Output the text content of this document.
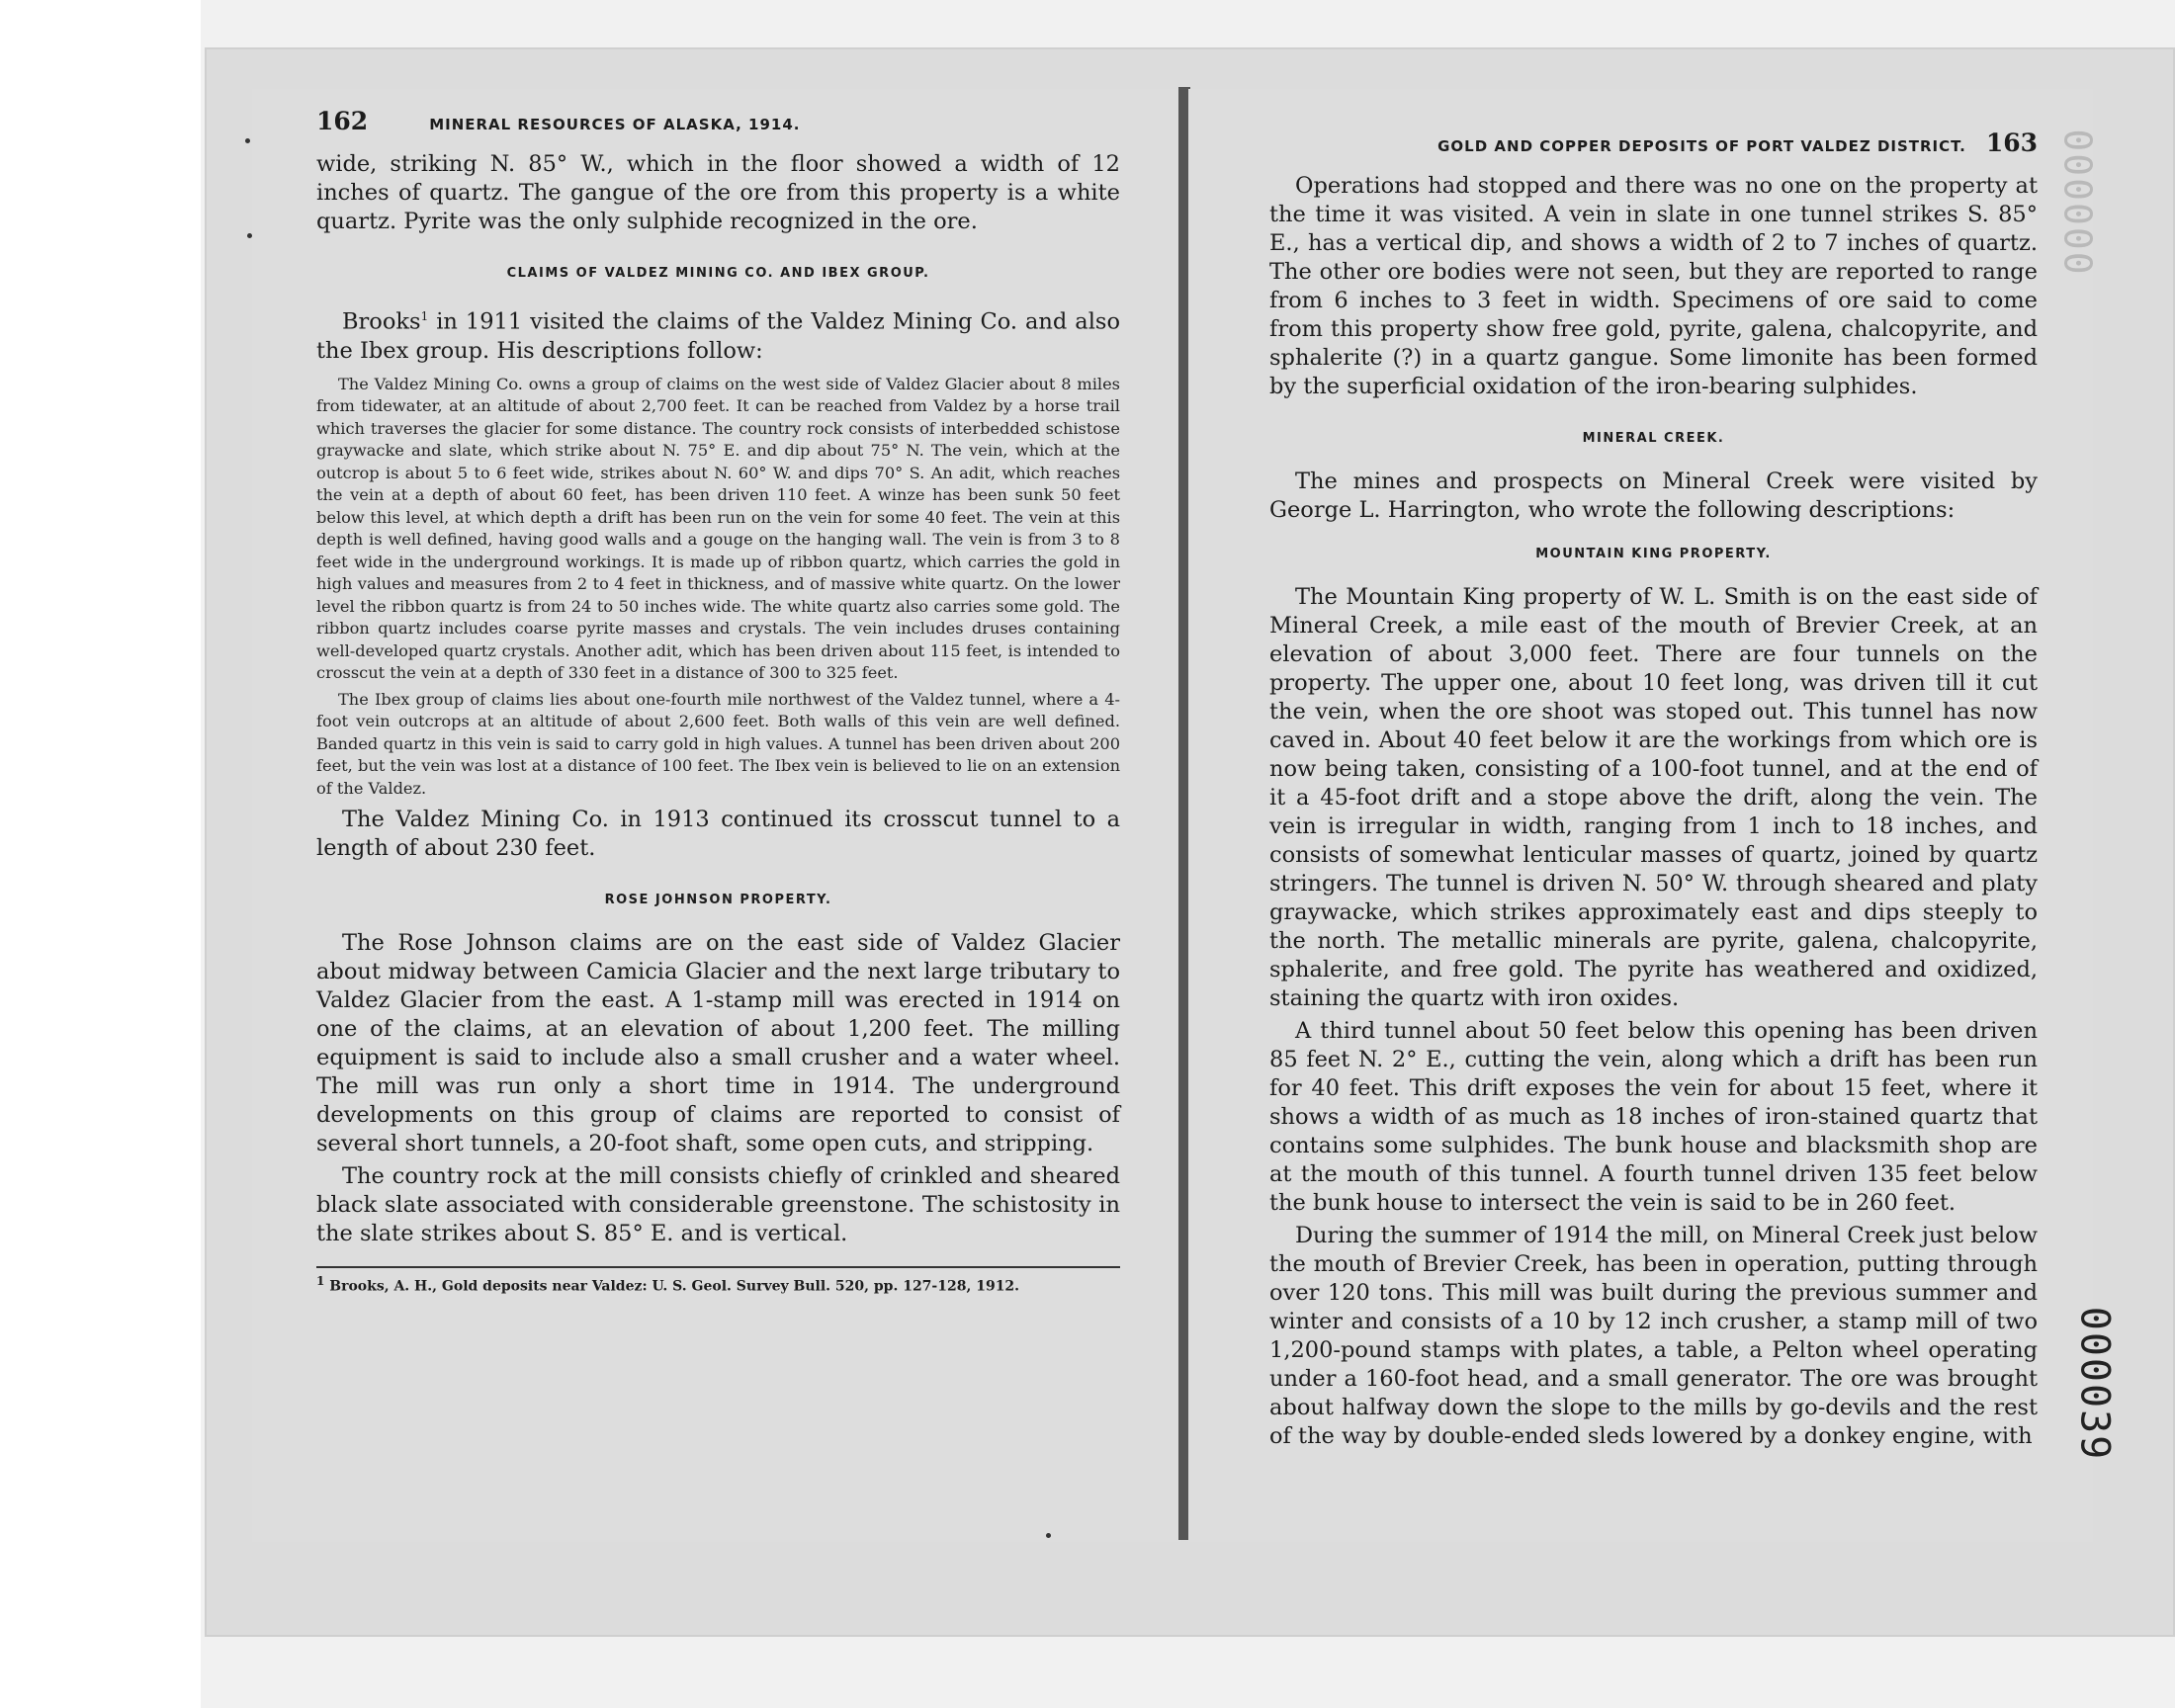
162	MINERAL RESOURCES OF ALASKA, 1914.

wide, striking N. 85° W., which in the floor showed a width of 12 inches of quartz. The gangue of the ore from this property is a white quartz. Pyrite was the only sulphide recognized in the ore.

CLAIMS OF VALDEZ MINING CO. AND IBEX GROUP.

Brooks$^1$ in 1911 visited the claims of the Valdez Mining Co. and also the Ibex group. His descriptions follow:

The Valdez Mining Co. owns a group of claims on the west side of Valdez Glacier about 8 miles from tidewater, at an altitude of about 2,700 feet. It can be reached from Valdez by a horse trail which traverses the glacier for some distance. The country rock consists of interbedded schistose graywacke and slate, which strike about N. 75° E. and dip about 75° N. The vein, which at the outcrop is about 5 to 6 feet wide, strikes about N. 60° W. and dips 70° S. An adit, which reaches the vein at a depth of about 60 feet, has been driven 110 feet. A winze has been sunk 50 feet below this level, at which depth a drift has been run on the vein for some 40 feet. The vein at this depth is well defined, having good walls and a gouge on the hanging wall. The vein is from 3 to 8 feet wide in the underground workings. It is made up of ribbon quartz, which carries the gold in high values and measures from 2 to 4 feet in thickness, and of massive white quartz. On the lower level the ribbon quartz is from 24 to 50 inches wide. The white quartz also carries some gold. The ribbon quartz includes coarse pyrite masses and crystals. The vein includes druses containing well-developed quartz crystals. Another adit, which has been driven about 115 feet, is intended to crosscut the vein at a depth of 330 feet in a distance of 300 to 325 feet.

The Ibex group of claims lies about one-fourth mile northwest of the Valdez tunnel, where a 4-foot vein outcrops at an altitude of about 2,600 feet. Both walls of this vein are well defined. Banded quartz in this vein is said to carry gold in high values. A tunnel has been driven about 200 feet, but the vein was lost at a distance of 100 feet. The Ibex vein is believed to lie on an extension of the Valdez.

The Valdez Mining Co. in 1913 continued its crosscut tunnel to a length of about 230 feet.

ROSE JOHNSON PROPERTY.

The Rose Johnson claims are on the east side of Valdez Glacier about midway between Camicia Glacier and the next large tributary to Valdez Glacier from the east. A 1-stamp mill was erected in 1914 on one of the claims, at an elevation of about 1,200 feet. The milling equipment is said to include also a small crusher and a water wheel. The mill was run only a short time in 1914. The underground developments on this group of claims are reported to consist of several short tunnels, a 20-foot shaft, some open cuts, and stripping.

The country rock at the mill consists chiefly of crinkled and sheared black slate associated with considerable greenstone. The schistosity in the slate strikes about S. 85° E. and is vertical.

$^1$ Brooks, A. H., Gold deposits near Valdez: U. S. Geol. Survey Bull. 520, pp. 127-128, 1912.

GOLD AND COPPER DEPOSITS OF PORT VALDEZ DISTRICT. 163

Operations had stopped and there was no one on the property at the time it was visited. A vein in slate in one tunnel strikes S. 85° E., has a vertical dip, and shows a width of 2 to 7 inches of quartz. The other ore bodies were not seen, but they are reported to range from 6 inches to 3 feet in width. Specimens of ore said to come from this property show free gold, pyrite, galena, chalcopyrite, and sphalerite (?) in a quartz gangue. Some limonite has been formed by the superficial oxidation of the iron-bearing sulphides.

MINERAL CREEK.

The mines and prospects on Mineral Creek were visited by George L. Harrington, who wrote the following descriptions:

MOUNTAIN KING PROPERTY.

The Mountain King property of W. L. Smith is on the east side of Mineral Creek, a mile east of the mouth of Brevier Creek, at an elevation of about 3,000 feet. There are four tunnels on the property. The upper one, about 10 feet long, was driven till it cut the vein, when the ore shoot was stoped out. This tunnel has now caved in. About 40 feet below it are the workings from which ore is now being taken, consisting of a 100-foot tunnel, and at the end of it a 45-foot drift and a stope above the drift, along the vein. The vein is irregular in width, ranging from 1 inch to 18 inches, and consists of somewhat lenticular masses of quartz, joined by quartz stringers. The tunnel is driven N. 50° W. through sheared and platy graywacke, which strikes approximately east and dips steeply to the north. The metallic minerals are pyrite, galena, chalcopyrite, sphalerite, and free gold. The pyrite has weathered and oxidized, staining the quartz with iron oxides.

A third tunnel about 50 feet below this opening has been driven 85 feet N. 2° E., cutting the vein, along which a drift has been run for 40 feet. This drift exposes the vein for about 15 feet, where it shows a width of as much as 18 inches of iron-stained quartz that contains some sulphides. The bunk house and blacksmith shop are at the mouth of this tunnel. A fourth tunnel driven 135 feet below the bunk house to intersect the vein is said to be in 260 feet.

During the summer of 1914 the mill, on Mineral Creek just below the mouth of Brevier Creek, has been in operation, putting through over 120 tons. This mill was built during the previous summer and winter and consists of a 10 by 12 inch crusher, a stamp mill of two 1,200-pound stamps with plates, a table, a Pelton wheel operating under a 160-foot head, and a small generator. The ore was brought about halfway down the slope to the mills by go-devils and the rest of the way by double-ended sleds lowered by a donkey engine, with

000000
000039
